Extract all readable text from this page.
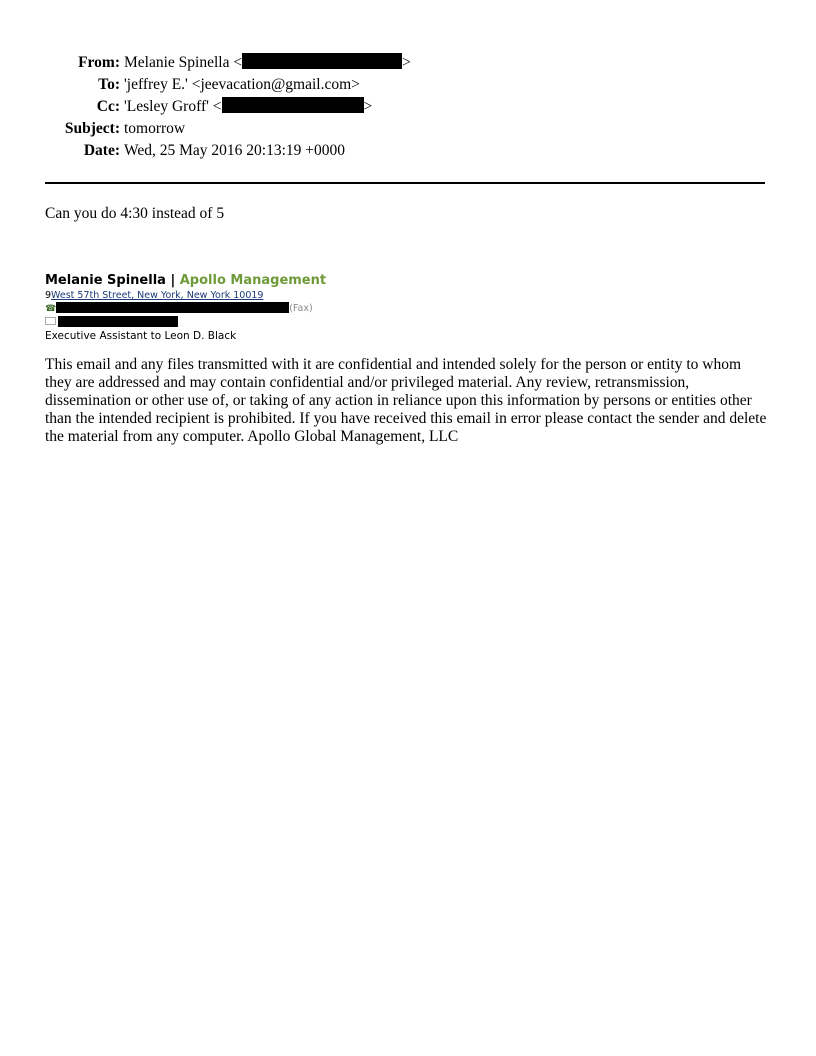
From:	Melanie Spinella < >
To:	'jeffrey E.' <jeevacation@gmail.com>
Cc:	'Lesley Groff' < >
Subject:	tomorrow
Date:	Wed, 25 May 2016 20:13:19 +0000

Can you do 4:30 instead of 5

Melanie Spinella | Apollo Management
9West 57th Street, New York, New York 10019
☎	(Fax)
Executive Assistant to Leon D. Black

This email and any files transmitted with it are confidential and intended solely for the person or entity to whom they are addressed and may contain confidential and/or privileged material. Any review, retransmission, dissemination or other use of, or taking of any action in reliance upon this information by persons or entities other than the intended recipient is prohibited. If you have received this email in error please contact the sender and delete the material from any computer. Apollo Global Management, LLC
